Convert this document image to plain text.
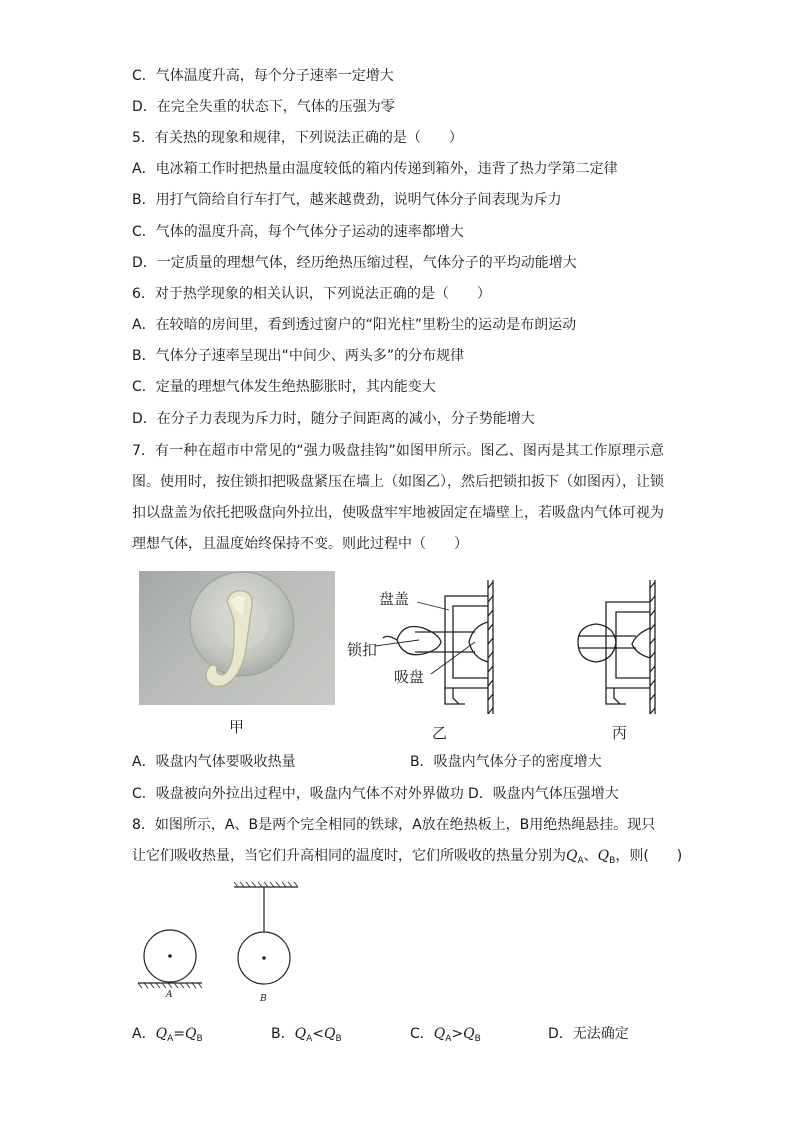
C．气体温度升高，每个分子速率一定增大
D．在完全失重的状态下，气体的压强为零
5．有关热的现象和规律，下列说法正确的是（　　）
A．电冰箱工作时把热量由温度较低的箱内传递到箱外，违背了热力学第二定律
B．用打气筒给自行车打气，越来越费劲，说明气体分子间表现为斥力
C．气体的温度升高，每个气体分子运动的速率都增大
D．一定质量的理想气体，经历绝热压缩过程，气体分子的平均动能增大
6．对于热学现象的相关认识，下列说法正确的是（　　）
A．在较暗的房间里，看到透过窗户的“阳光柱”里粉尘的运动是布朗运动
B．气体分子速率呈现出“中间少、两头多”的分布规律
C．定量的理想气体发生绝热膨胀时，其内能变大
D．在分子力表现为斥力时，随分子间距离的减小，分子势能增大
7．有一种在超市中常见的“强力吸盘挂钩”如图甲所示。图乙、图丙是其工作原理示意图。使用时，按住锁扣把吸盘紧压在墙上（如图乙），然后把锁扣扳下（如图丙），让锁扣以盘盖为依托把吸盘向外拉出，使吸盘牢牢地被固定在墙壁上，若吸盘内气体可视为理想气体，且温度始终保持不变。则此过程中（　　）
盘盖
锁扣
吸盘
甲	乙	丙
A．吸盘内气体要吸收热量	B．吸盘内气体分子的密度增大
C．吸盘被向外拉出过程中，吸盘内气体不对外界做功 D．吸盘内气体压强增大
8．如图所示，A、B是两个完全相同的铁球，A放在绝热板上，B用绝热绳悬挂。现只
让它们吸收热量，当它们升高相同的温度时，它们所吸收的热量分别为$Q_A$、$Q_B$，则(　　)
A	B
A．$Q_A=Q_B$	B．$Q_A<Q_B$	C．$Q_A>Q_B$	D．无法确定
